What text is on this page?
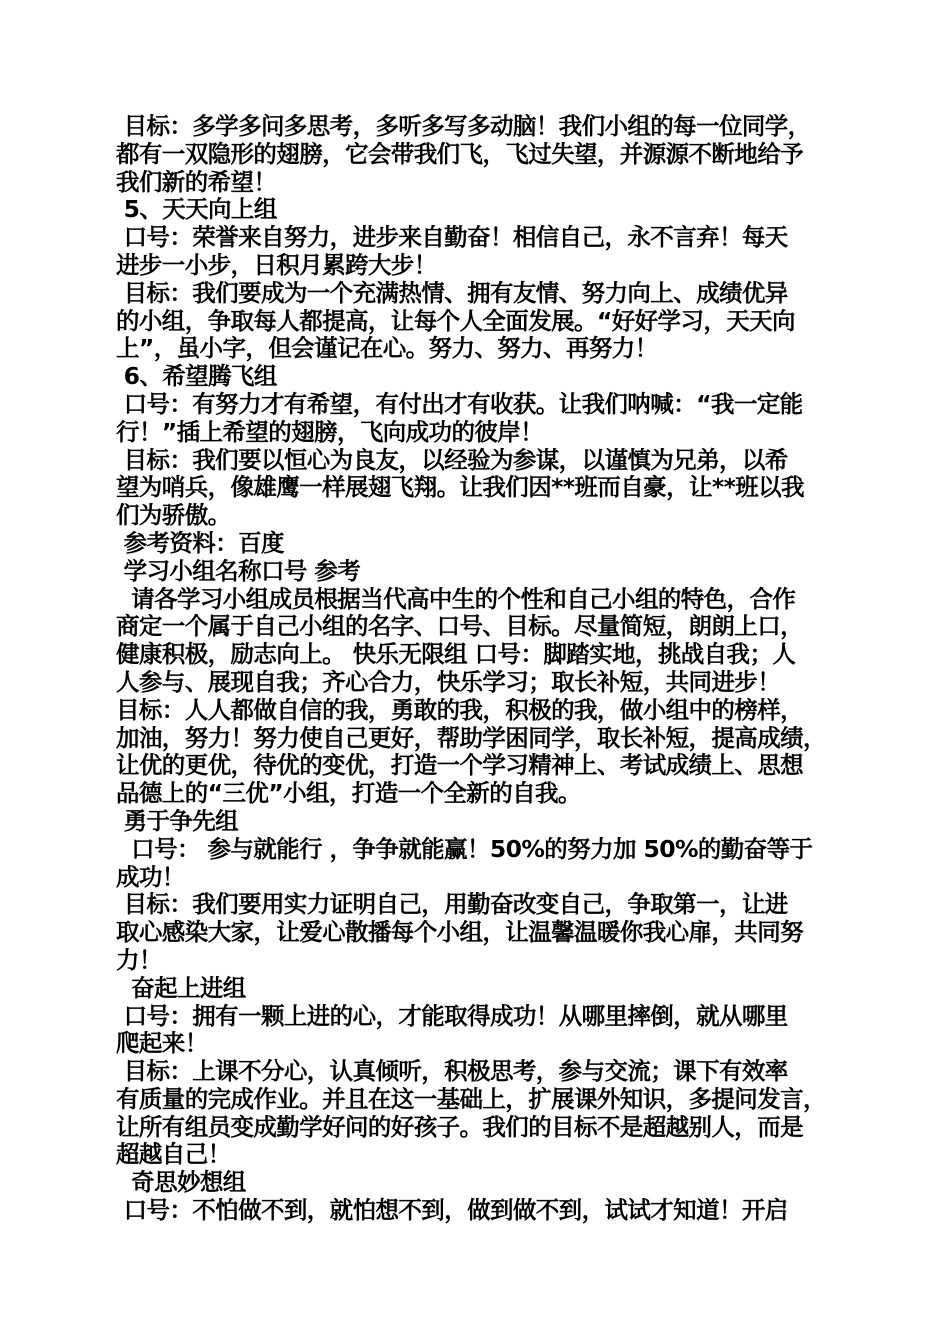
目标：多学多问多思考，多听多写多动脑！我们小组的每一位同学，
都有一双隐形的翅膀，它会带我们飞，飞过失望，并源源不断地给予
我们新的希望！
5、天天向上组
口号：荣誉来自努力，进步来自勤奋！相信自己，永不言弃！每天
进步一小步，日积月累跨大步！
目标：我们要成为一个充满热情、拥有友情、努力向上、成绩优异
的小组，争取每人都提高，让每个人全面发展。“好好学习，天天向
上”，虽小字，但会谨记在心。努力、努力、再努力！
6、希望腾飞组
口号：有努力才有希望，有付出才有收获。让我们呐喊：“我一定能
行！”插上希望的翅膀，飞向成功的彼岸！
目标：我们要以恒心为良友，以经验为参谋，以谨慎为兄弟，以希
望为哨兵，像雄鹰一样展翅飞翔。让我们因**班而自豪，让**班以我
们为骄傲。
参考资料：百度
学习小组名称口号 参考
请各学习小组成员根据当代高中生的个性和自己小组的特色，合作
商定一个属于自己小组的名字、口号、目标。尽量简短，朗朗上口，
健康积极，励志向上。 快乐无限组 口号：脚踏实地，挑战自我；人
人参与、展现自我；齐心合力，快乐学习；取长补短，共同进步！
目标：人人都做自信的我，勇敢的我，积极的我，做小组中的榜样，
加油，努力！努力使自己更好，帮助学困同学，取长补短，提高成绩，
让优的更优，待优的变优，打造一个学习精神上、考试成绩上、思想
品德上的“三优”小组，打造一个全新的自我。
勇于争先组
口号： 参与就能行 ，争争就能赢！50%的努力加 50%的勤奋等于
成功！
目标：我们要用实力证明自己，用勤奋改变自己，争取第一，让进
取心感染大家，让爱心散播每个小组，让温馨温暖你我心扉，共同努
力！
奋起上进组
口号：拥有一颗上进的心，才能取得成功！从哪里摔倒，就从哪里
爬起来！
目标：上课不分心，认真倾听，积极思考，参与交流；课下有效率
有质量的完成作业。并且在这一基础上，扩展课外知识，多提问发言，
让所有组员变成勤学好问的好孩子。我们的目标不是超越别人，而是
超越自己！
奇思妙想组
口号：不怕做不到，就怕想不到，做到做不到，试试才知道！开启
